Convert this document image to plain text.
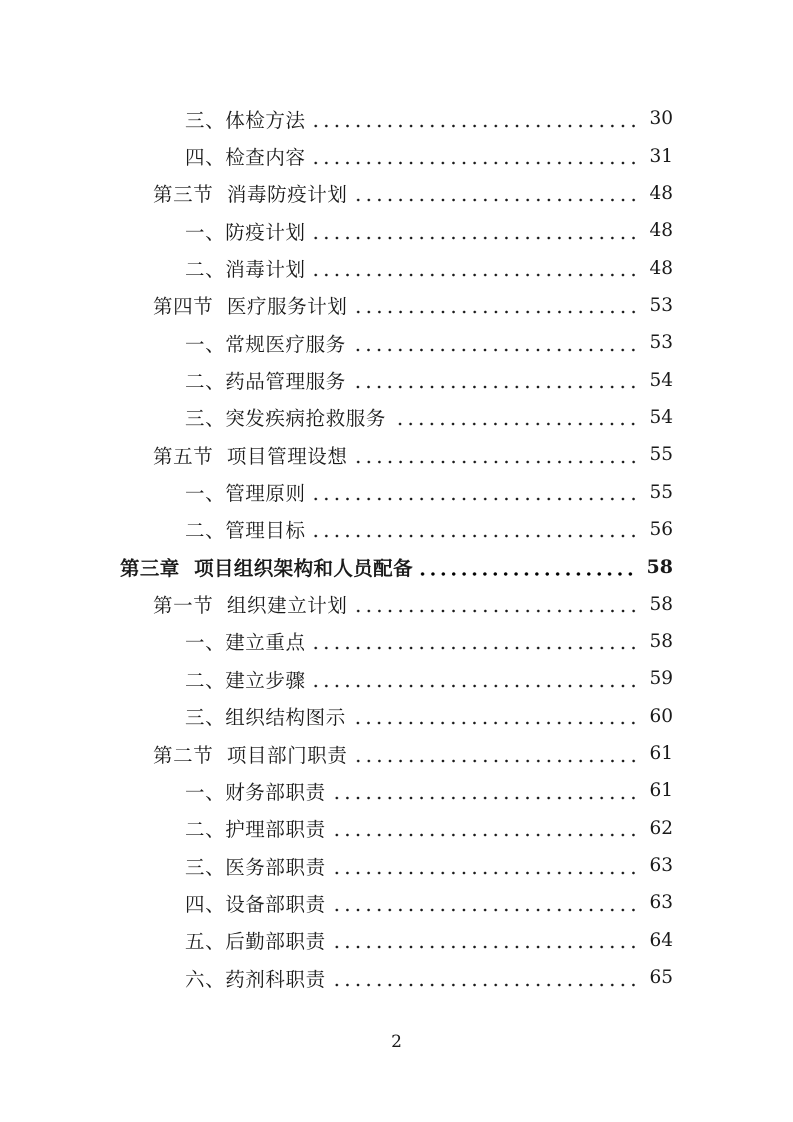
三、体检方法	30
四、检查内容	31
第三节  消毒防疫计划	48
一、防疫计划	48
二、消毒计划	48
第四节  医疗服务计划	53
一、常规医疗服务	53
二、药品管理服务	54
三、突发疾病抢救服务	54
第五节  项目管理设想	55
一、管理原则	55
二、管理目标	56
第三章  项目组织架构和人员配备	58
第一节  组织建立计划	58
一、建立重点	58
二、建立步骤	59
三、组织结构图示	60
第二节  项目部门职责	61
一、财务部职责	61
二、护理部职责	62
三、医务部职责	63
四、设备部职责	63
五、后勤部职责	64
六、药剂科职责	65
2
